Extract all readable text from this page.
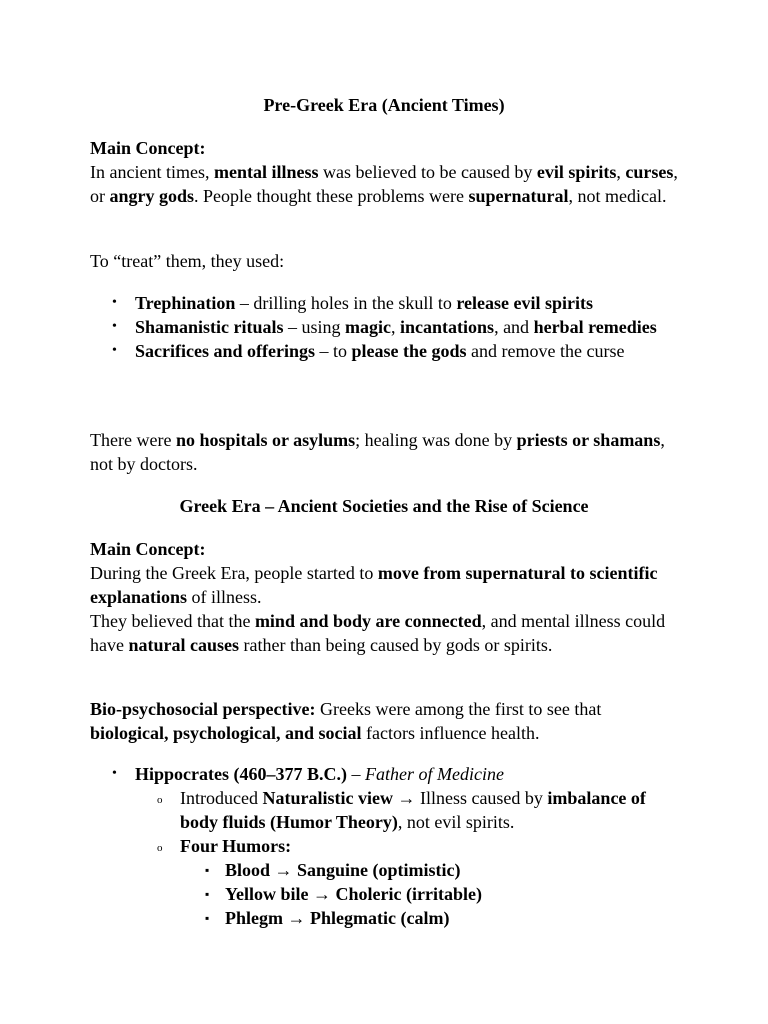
Pre-Greek Era (Ancient Times)

Main Concept:
In ancient times, mental illness was believed to be caused by evil spirits, curses, or angry gods. People thought these problems were supernatural, not medical.

To “treat” them, they used:

• Trephination – drilling holes in the skull to release evil spirits
• Shamanistic rituals – using magic, incantations, and herbal remedies
• Sacrifices and offerings – to please the gods and remove the curse

There were no hospitals or asylums; healing was done by priests or shamans, not by doctors.

Greek Era – Ancient Societies and the Rise of Science

Main Concept:
During the Greek Era, people started to move from supernatural to scientific explanations of illness.
They believed that the mind and body are connected, and mental illness could have natural causes rather than being caused by gods or spirits.

Bio-psychosocial perspective: Greeks were among the first to see that biological, psychological, and social factors influence health.

• Hippocrates (460–377 B.C.) – Father of Medicine
o Introduced Naturalistic view → Illness caused by imbalance of body fluids (Humor Theory), not evil spirits.
o Four Humors:
▪ Blood → Sanguine (optimistic)
▪ Yellow bile → Choleric (irritable)
▪ Phlegm → Phlegmatic (calm)
